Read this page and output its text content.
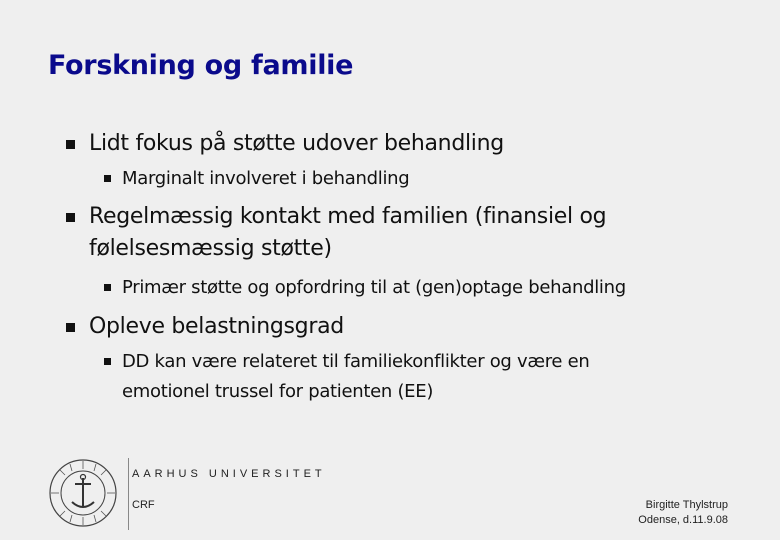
Forskning og familie
Lidt fokus på støtte udover behandling
Marginalt involveret i behandling
Regelmæssig kontakt med familien (finansiel og
følelsesmæssig støtte)
Primær støtte og opfordring til at (gen)optage behandling
Opleve belastningsgrad
DD kan være relateret til familiekonflikter og være en
emotionel trussel for patienten (EE)
AARHUS UNIVERSITET
CRF	Birgitte Thylstrup
Odense, d.11.9.08
